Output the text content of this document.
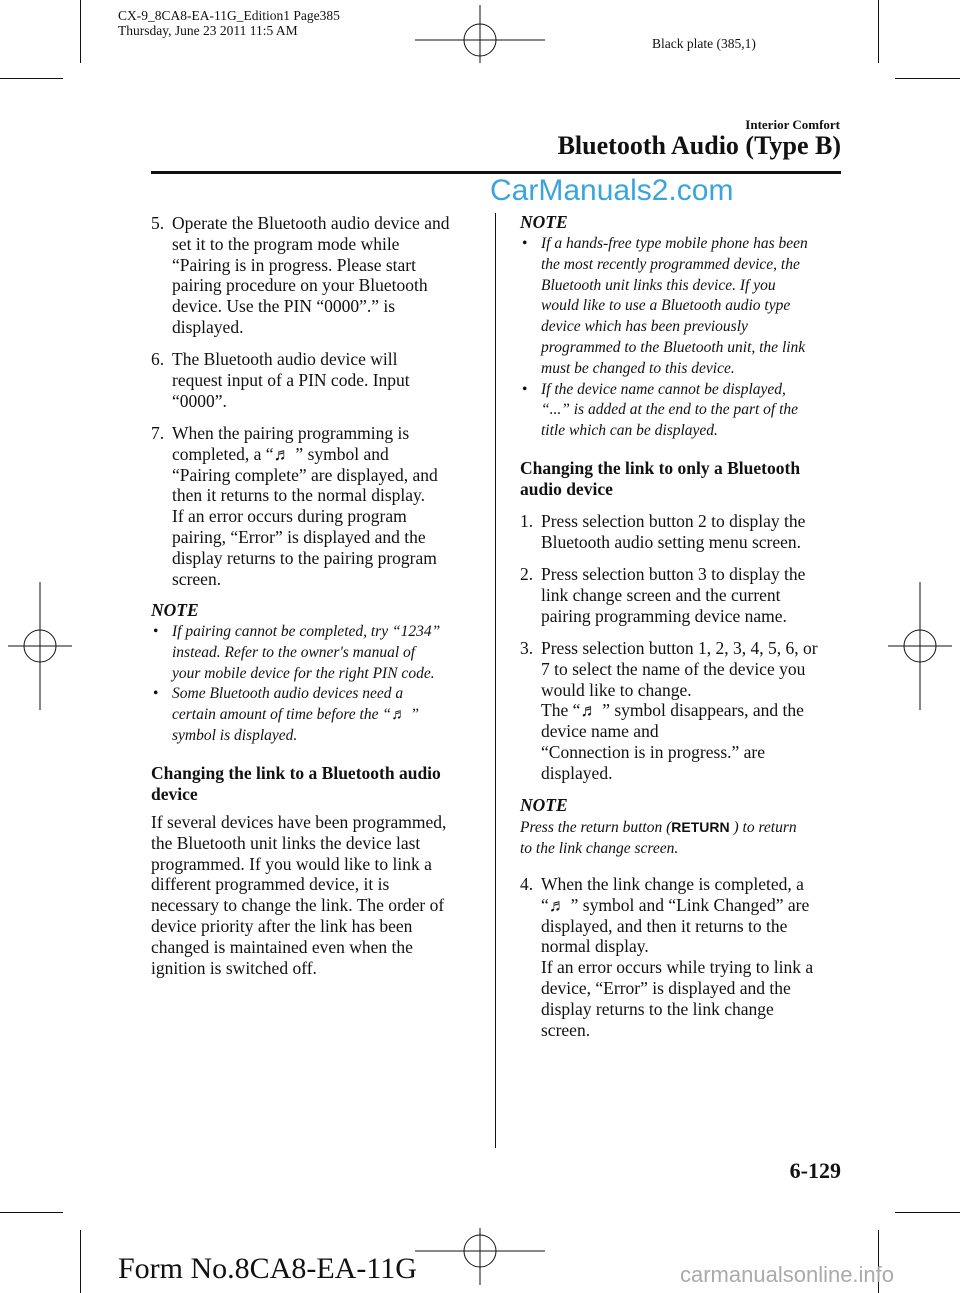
CX-9_8CA8-EA-11G_Edition1 Page385
Thursday, June 23 2011 11:5 AM
Black plate (385,1)
Interior Comfort
Bluetooth Audio (Type B)
CarManuals2.com
5. Operate the Bluetooth audio device and
set it to the program mode while
“Pairing is in progress. Please start
pairing procedure on your Bluetooth
device. Use the PIN “0000”.” is
displayed.
6. The Bluetooth audio device will
request input of a PIN code. Input
“0000”.
7. When the pairing programming is
completed, a “♬ ” symbol and
“Pairing complete” are displayed, and
then it returns to the normal display.
If an error occurs during program
pairing, “Error” is displayed and the
display returns to the pairing program
screen.
NOTE
• If pairing cannot be completed, try “1234”
instead. Refer to the owner's manual of
your mobile device for the right PIN code.
• Some Bluetooth audio devices need a
certain amount of time before the “♬ ”
symbol is displayed.
Changing the link to a Bluetooth audio
device
If several devices have been programmed,
the Bluetooth unit links the device last
programmed. If you would like to link a
different programmed device, it is
necessary to change the link. The order of
device priority after the link has been
changed is maintained even when the
ignition is switched off.
NOTE
• If a hands-free type mobile phone has been
the most recently programmed device, the
Bluetooth unit links this device. If you
would like to use a Bluetooth audio type
device which has been previously
programmed to the Bluetooth unit, the link
must be changed to this device.
• If the device name cannot be displayed,
“...” is added at the end to the part of the
title which can be displayed.
Changing the link to only a Bluetooth
audio device
1. Press selection button 2 to display the
Bluetooth audio setting menu screen.
2. Press selection button 3 to display the
link change screen and the current
pairing programming device name.
3. Press selection button 1, 2, 3, 4, 5, 6, or
7 to select the name of the device you
would like to change.
The “♬ ” symbol disappears, and the
device name and
“Connection is in progress.” are
displayed.
NOTE
Press the return button (RETURN ) to return
to the link change screen.
4. When the link change is completed, a
“♬ ” symbol and “Link Changed” are
displayed, and then it returns to the
normal display.
If an error occurs while trying to link a
device, “Error” is displayed and the
display returns to the link change
screen.
6-129
Form No.8CA8-EA-11G	carmanualsonline.info
